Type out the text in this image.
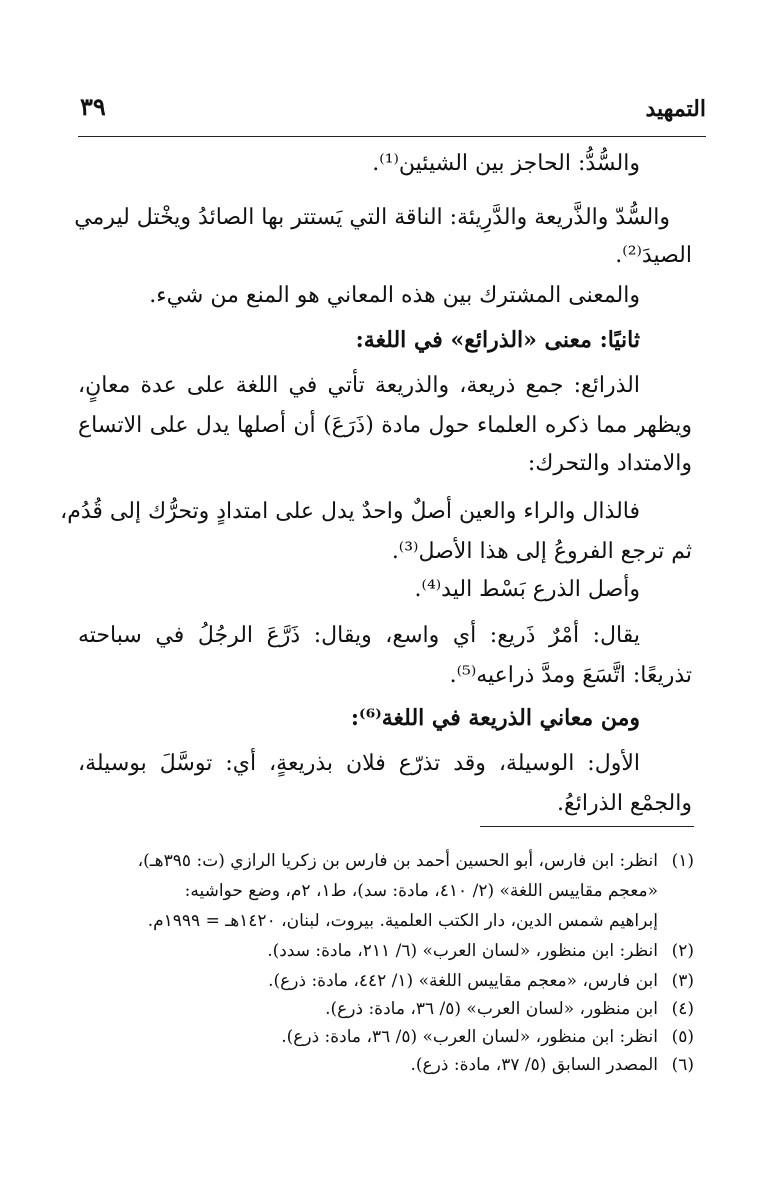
التمهيد
٣٩
والسُّدُّ: الحاجز بين الشيئين⁽¹⁾.
والسُّدّ والذَّريعة والدَّرِيئة: الناقة التي يَستتر بها الصائدُ ويخْتل ليرمي
الصيدَ⁽²⁾.
والمعنى المشترك بين هذه المعاني هو المنع من شيء.
ثانيًا: معنى «الذرائع» في اللغة:
الذرائع: جمع ذريعة، والذريعة تأتي في اللغة على عدة معانٍ،
ويظهر مما ذكره العلماء حول مادة (ذَرَعَ) أن أصلها يدل على الاتساع
والامتداد والتحرك:
فالذال والراء والعين أصلٌ واحدٌ يدل على امتدادٍ وتحرُّك إلى قُدُم،
ثم ترجع الفروعُ إلى هذا الأصل⁽³⁾.
وأصل الذرع بَسْط اليد⁽⁴⁾.
يقال: أمْرٌ ذَريع: أي واسع، ويقال: ذَرَّعَ الرجُلُ في سباحته
تذريعًا: اتَّسَعَ ومدَّ ذراعيه⁽⁵⁾.
ومن معاني الذريعة في اللغة⁽⁶⁾:
الأول: الوسيلة، وقد تذرّع فلان بذريعةٍ، أي: توسَّلَ بوسيلة،
والجمْع الذرائعُ.
(١)انظر: ابن فارس، أبو الحسين أحمد بن فارس بن زكريا الرازي (ت: ٣٩٥هـ)،
«معجم مقاييس اللغة» (٢/ ٤١٠، مادة: سد)، ط١، ٢م، وضع حواشيه:
إبراهيم شمس الدين، دار الكتب العلمية. بيروت، لبنان، ١٤٢٠هـ = ١٩٩٩م.
(٢)انظر: ابن منظور، «لسان العرب» (٦/ ٢١١، مادة: سدد).
(٣)ابن فارس، «معجم مقاييس اللغة» (١/ ٤٤٢، مادة: ذرع).
(٤)ابن منظور، «لسان العرب» (٥/ ٣٦، مادة: ذرع).
(٥)انظر: ابن منظور، «لسان العرب» (٥/ ٣٦، مادة: ذرع).
(٦)المصدر السابق (٥/ ٣٧، مادة: ذرع).
